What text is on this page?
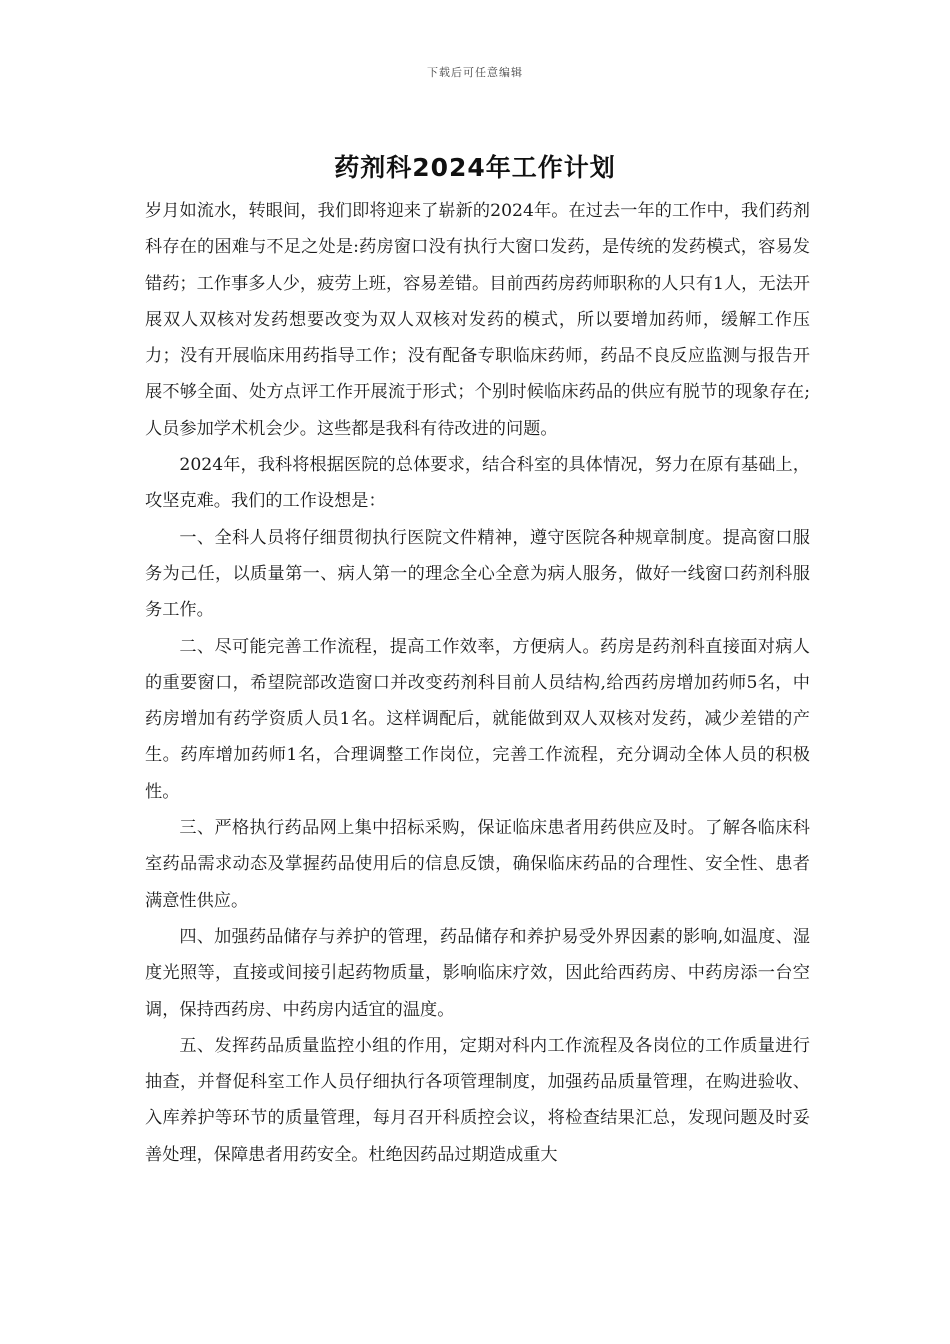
下载后可任意编辑
药剂科2024年工作计划

岁月如流水，转眼间，我们即将迎来了崭新的2024年。在过去一年的工作中，我们药剂科存在的困难与不足之处是:药房窗口没有执行大窗口发药，是传统的发药模式，容易发错药；工作事多人少，疲劳上班，容易差错。目前西药房药师职称的人只有1人，无法开展双人双核对发药想要改变为双人双核对发药的模式，所以要增加药师，缓解工作压力；没有开展临床用药指导工作；没有配备专职临床药师，药品不良反应监测与报告开展不够全面、处方点评工作开展流于形式；个别时候临床药品的供应有脱节的现象存在;人员参加学术机会少。这些都是我科有待改进的问题。

2024年，我科将根据医院的总体要求，结合科室的具体情况，努力在原有基础上，攻坚克难。我们的工作设想是：

一、全科人员将仔细贯彻执行医院文件精神，遵守医院各种规章制度。提高窗口服务为己任，以质量第一、病人第一的理念全心全意为病人服务，做好一线窗口药剂科服务工作。

二、尽可能完善工作流程，提高工作效率，方便病人。药房是药剂科直接面对病人的重要窗口，希望院部改造窗口并改变药剂科目前人员结构,给西药房增加药师5名，中药房增加有药学资质人员1名。这样调配后，就能做到双人双核对发药，减少差错的产生。药库增加药师1名，合理调整工作岗位，完善工作流程，充分调动全体人员的积极性。

三、严格执行药品网上集中招标采购，保证临床患者用药供应及时。了解各临床科室药品需求动态及掌握药品使用后的信息反馈，确保临床药品的合理性、安全性、患者满意性供应。

四、加强药品储存与养护的管理，药品储存和养护易受外界因素的影响,如温度、湿度光照等，直接或间接引起药物质量，影响临床疗效，因此给西药房、中药房添一台空调，保持西药房、中药房内适宜的温度。

五、发挥药品质量监控小组的作用，定期对科内工作流程及各岗位的工作质量进行抽查，并督促科室工作人员仔细执行各项管理制度，加强药品质量管理，在购进验收、入库养护等环节的质量管理，每月召开科质控会议，将检查结果汇总，发现问题及时妥善处理，保障患者用药安全。杜绝因药品过期造成重大
